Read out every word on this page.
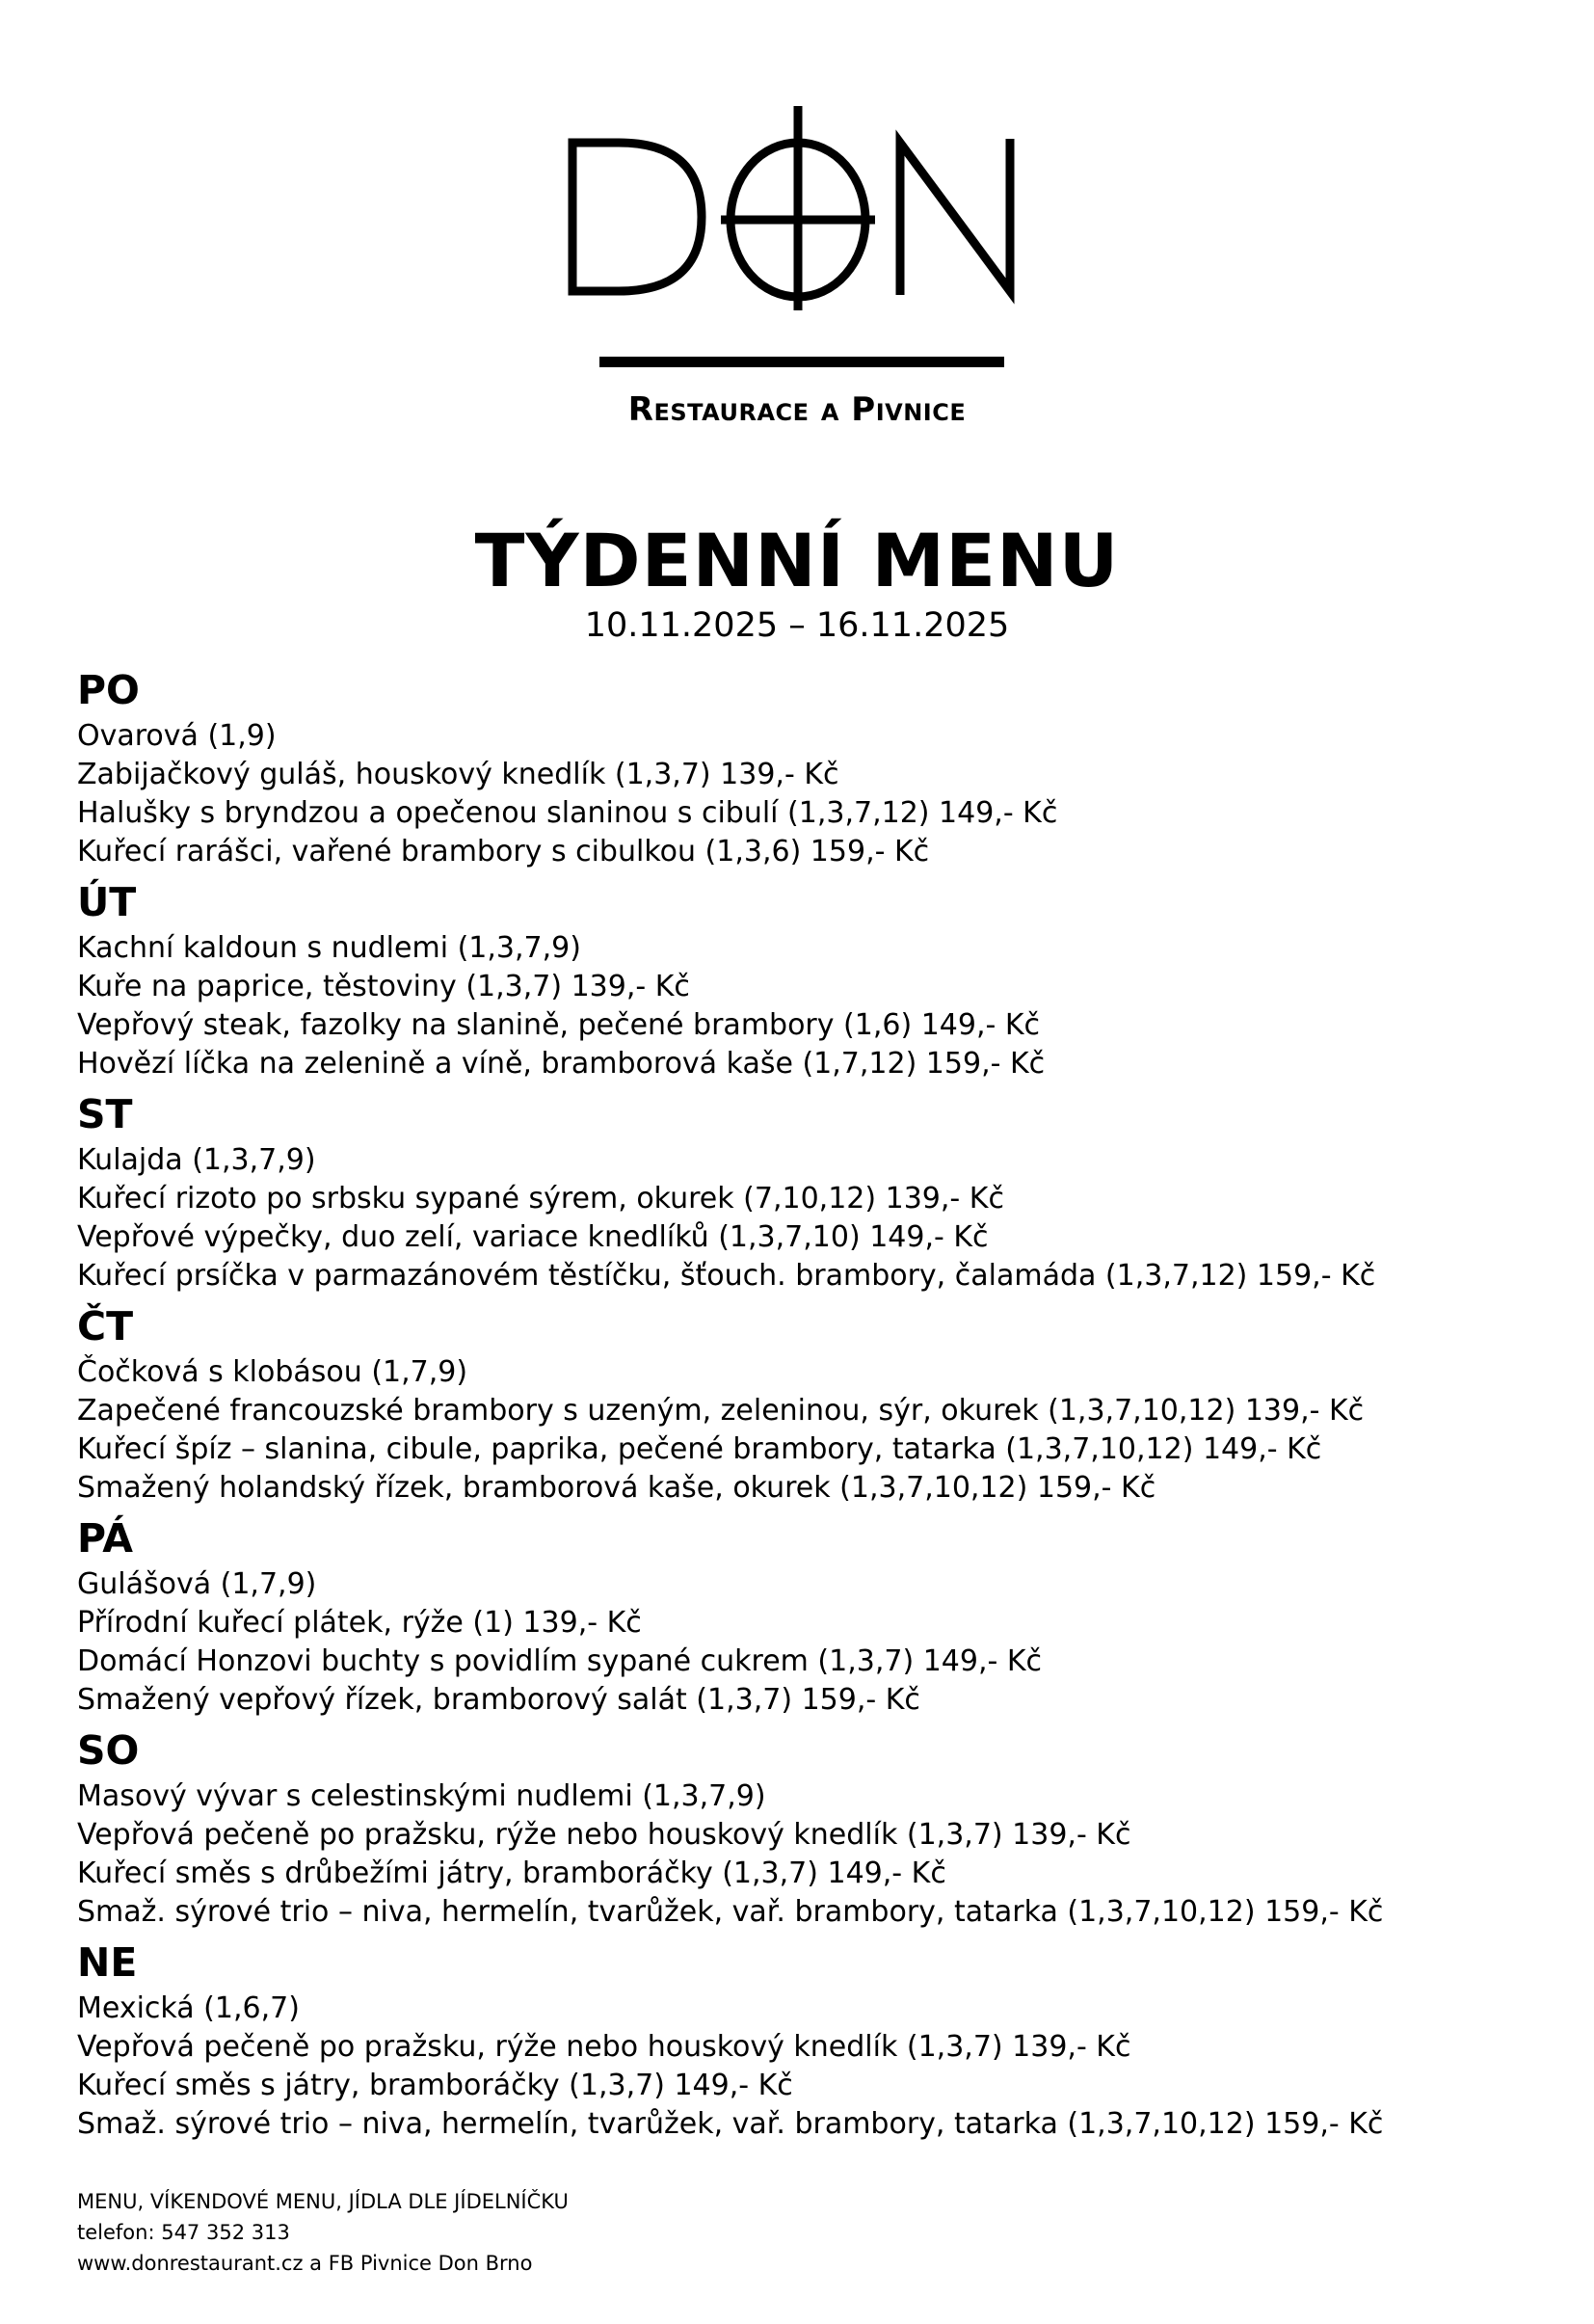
Restaurace a Pivnice
TÝDENNÍ MENU
10.11.2025 – 16.11.2025
PO
Ovarová (1,9)
Zabijačkový guláš, houskový knedlík (1,3,7) 139,- Kč
Halušky s bryndzou a opečenou slaninou s cibulí (1,3,7,12) 149,- Kč
Kuřecí rarášci, vařené brambory s cibulkou (1,3,6) 159,- Kč
ÚT
Kachní kaldoun s nudlemi (1,3,7,9)
Kuře na paprice, těstoviny (1,3,7) 139,- Kč
Vepřový steak, fazolky na slanině, pečené brambory (1,6) 149,- Kč
Hovězí líčka na zelenině a víně, bramborová kaše (1,7,12) 159,- Kč
ST
Kulajda (1,3,7,9)
Kuřecí rizoto po srbsku sypané sýrem, okurek (7,10,12) 139,- Kč
Vepřové výpečky, duo zelí, variace knedlíků (1,3,7,10) 149,- Kč
Kuřecí prsíčka v parmazánovém těstíčku, šťouch. brambory, čalamáda (1,3,7,12) 159,- Kč
ČT
Čočková s klobásou (1,7,9)
Zapečené francouzské brambory s uzeným, zeleninou, sýr, okurek (1,3,7,10,12) 139,- Kč
Kuřecí špíz – slanina, cibule, paprika, pečené brambory, tatarka (1,3,7,10,12) 149,- Kč
Smažený holandský řízek, bramborová kaše, okurek (1,3,7,10,12) 159,- Kč
PÁ
Gulášová (1,7,9)
Přírodní kuřecí plátek, rýže (1) 139,- Kč
Domácí Honzovi buchty s povidlím sypané cukrem (1,3,7) 149,- Kč
Smažený vepřový řízek, bramborový salát (1,3,7) 159,- Kč
SO
Masový vývar s celestinskými nudlemi (1,3,7,9)
Vepřová pečeně po pražsku, rýže nebo houskový knedlík (1,3,7) 139,- Kč
Kuřecí směs s drůbežími játry, bramboráčky (1,3,7) 149,- Kč
Smaž. sýrové trio – niva, hermelín, tvarůžek, vař. brambory, tatarka (1,3,7,10,12) 159,- Kč
NE
Mexická (1,6,7)
Vepřová pečeně po pražsku, rýže nebo houskový knedlík (1,3,7) 139,- Kč
Kuřecí směs s játry, bramboráčky (1,3,7) 149,- Kč
Smaž. sýrové trio – niva, hermelín, tvarůžek, vař. brambory, tatarka (1,3,7,10,12) 159,- Kč
MENU, VÍKENDOVÉ MENU, JÍDLA DLE JÍDELNÍČKU
telefon: 547 352 313
www.donrestaurant.cz a FB Pivnice Don Brno
